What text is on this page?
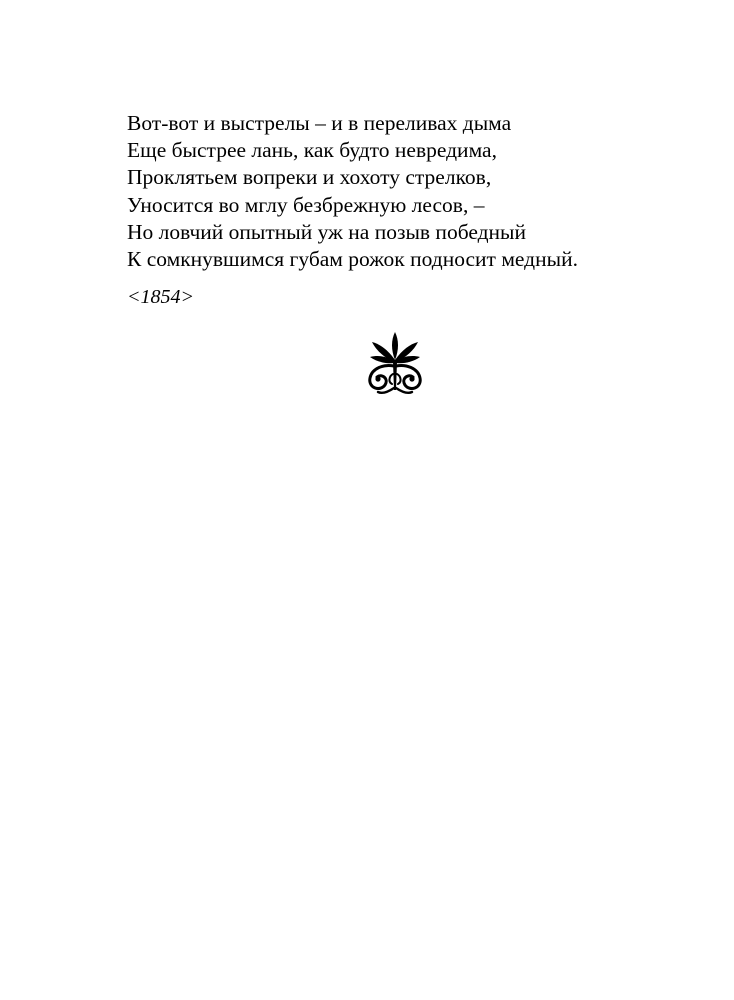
Вот-вот и выстрелы – и в переливах дыма
Еще быстрее лань, как будто невредима,
Проклятьем вопреки и хохоту стрелков,
Уносится во мглу безбрежную лесов, –
Но ловчий опытный уж на позыв победный
К сомкнувшимся губам рожок подносит медный.
<1854>
